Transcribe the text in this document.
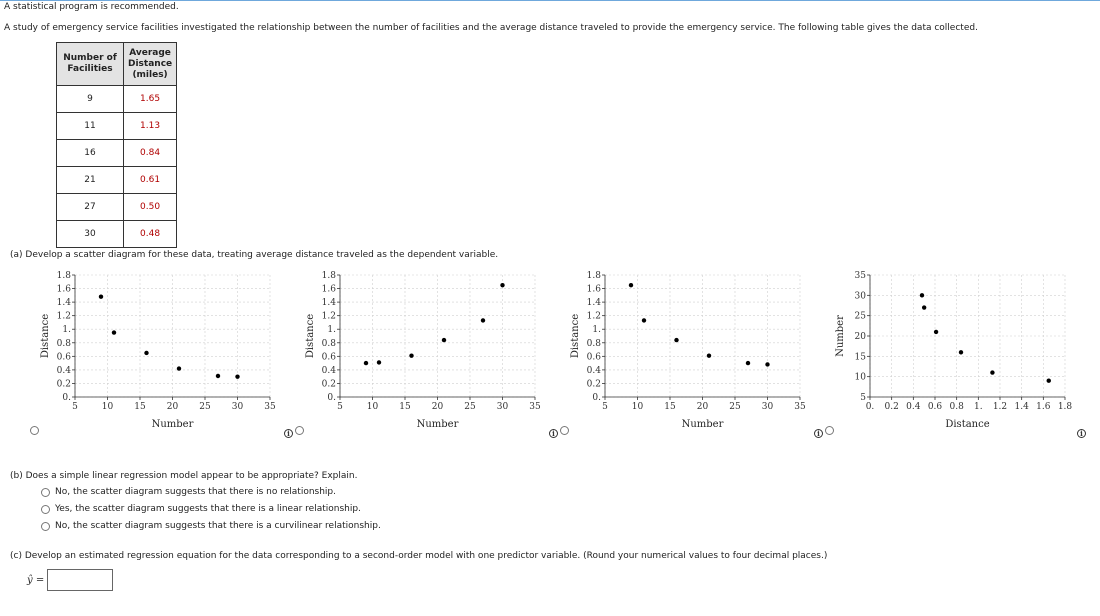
A statistical program is recommended.
A study of emergency service facilities investigated the relationship between the number of facilities and the average distance traveled to provide the emergency service. The following table gives the data collected.
Number of
Facilities	Average
Distance
(miles)
9	1.65
11	1.13
16	0.84
21	0.61
27	0.50
30	0.48
(a) Develop a scatter diagram for these data, treating average distance traveled as the dependent variable.
5	10 15 20 25 30 35
0.
0.2
0.4
0.6
0.8
1.
1.2
1.4
1.6
1.8
Number
Distance
5	10 15 20 25 30 35
0.
0.2
0.4
0.6
0.8
1.
1.2
1.4
1.6
1.8
Number
Distance
5	10 15 20 25 30 35
0.
0.2
0.4
0.6
0.8
1.
1.2
1.4
1.6
1.8
Number
Distance
0. 0.2 0.4 0.6 0.8 1. 1.2 1.4 1.6 1.8
5
10
15
20
25
30
35
Distance
Number
i	i	i	i
(b) Does a simple linear regression model appear to be appropriate? Explain.
No, the scatter diagram suggests that there is no relationship.
Yes, the scatter diagram suggests that there is a linear relationship.
No, the scatter diagram suggests that there is a curvilinear relationship.
(c) Develop an estimated regression equation for the data corresponding to a second-order model with one predictor variable. (Round your numerical values to four decimal places.)
ŷ =
